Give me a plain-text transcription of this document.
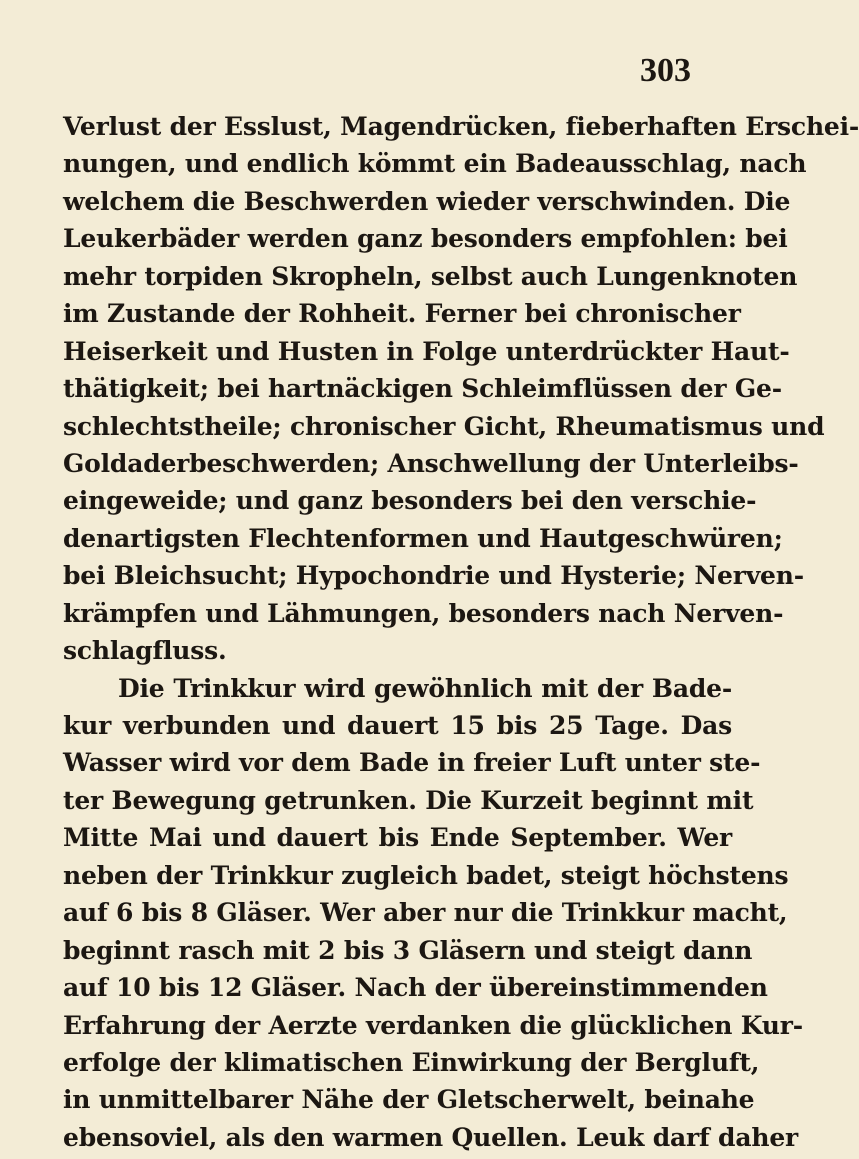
303
Verlust der Esslust, Magendrücken, fieberhaften Erschei-
nungen, und endlich kömmt ein Badeausschlag, nach
welchem die Beschwerden wieder verschwinden. Die
Leukerbäder werden ganz besonders empfohlen: bei
mehr torpiden Skropheln, selbst auch Lungenknoten
im Zustande der Rohheit. Ferner bei chronischer
Heiserkeit und Husten in Folge unterdrückter Haut-
thätigkeit; bei hartnäckigen Schleimflüssen der Ge-
schlechtstheile; chronischer Gicht, Rheumatismus und
Goldaderbeschwerden; Anschwellung der Unterleibs-
eingeweide; und ganz besonders bei den verschie-
denartigsten Flechtenformen und Hautgeschwüren;
bei Bleichsucht; Hypochondrie und Hysterie; Nerven-
krämpfen und Lähmungen, besonders nach Nerven-
schlagfluss.
Die Trinkkur wird gewöhnlich mit der Bade-
kur verbunden und dauert 15 bis 25 Tage. Das
Wasser wird vor dem Bade in freier Luft unter ste-
ter Bewegung getrunken. Die Kurzeit beginnt mit
Mitte Mai und dauert bis Ende September. Wer
neben der Trinkkur zugleich badet, steigt höchstens
auf 6 bis 8 Gläser. Wer aber nur die Trinkkur macht,
beginnt rasch mit 2 bis 3 Gläsern und steigt dann
auf 10 bis 12 Gläser. Nach der übereinstimmenden
Erfahrung der Aerzte verdanken die glücklichen Kur-
erfolge der klimatischen Einwirkung der Bergluft,
in unmittelbarer Nähe der Gletscherwelt, beinahe
ebensoviel, als den warmen Quellen. Leuk darf daher
